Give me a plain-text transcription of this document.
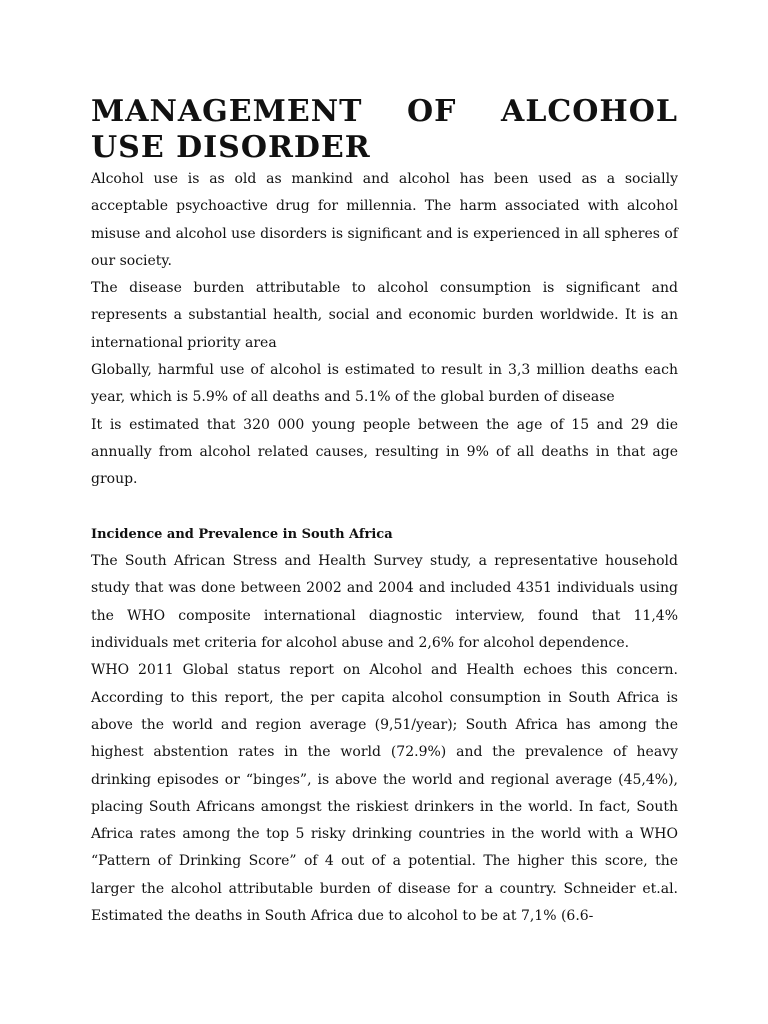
MANAGEMENT OF ALCOHOL USE DISORDER

Alcohol use is as old as mankind and alcohol has been used as a socially acceptable psychoactive drug for millennia. The harm associated with alcohol misuse and alcohol use disorders is significant and is experienced in all spheres of our society.

The disease burden attributable to alcohol consumption is significant and represents a substantial health, social and economic burden worldwide. It is an international priority area

Globally, harmful use of alcohol is estimated to result in 3,3 million deaths each year, which is 5.9% of all deaths and 5.1% of the global burden of disease

It is estimated that 320 000 young people between the age of 15 and 29 die annually from alcohol related causes, resulting in 9% of all deaths in that age group.

Incidence and Prevalence in South Africa

The South African Stress and Health Survey study, a representative household study that was done between 2002 and 2004 and included 4351 individuals using the WHO composite international diagnostic interview, found that 11,4% individuals met criteria for alcohol abuse and 2,6% for alcohol dependence.

WHO 2011 Global status report on Alcohol and Health echoes this concern. According to this report, the per capita alcohol consumption in South Africa is above the world and region average (9,51/year); South Africa has among the highest abstention rates in the world (72.9%) and the prevalence of heavy drinking episodes or “binges”, is above the world and regional average (45,4%), placing South Africans amongst the riskiest drinkers in the world. In fact, South Africa rates among the top 5 risky drinking countries in the world with a WHO “Pattern of Drinking Score” of 4 out of a potential. The higher this score, the larger the alcohol attributable burden of disease for a country. Schneider et.al. Estimated the deaths in South Africa due to alcohol to be at 7,1% (6.6-
